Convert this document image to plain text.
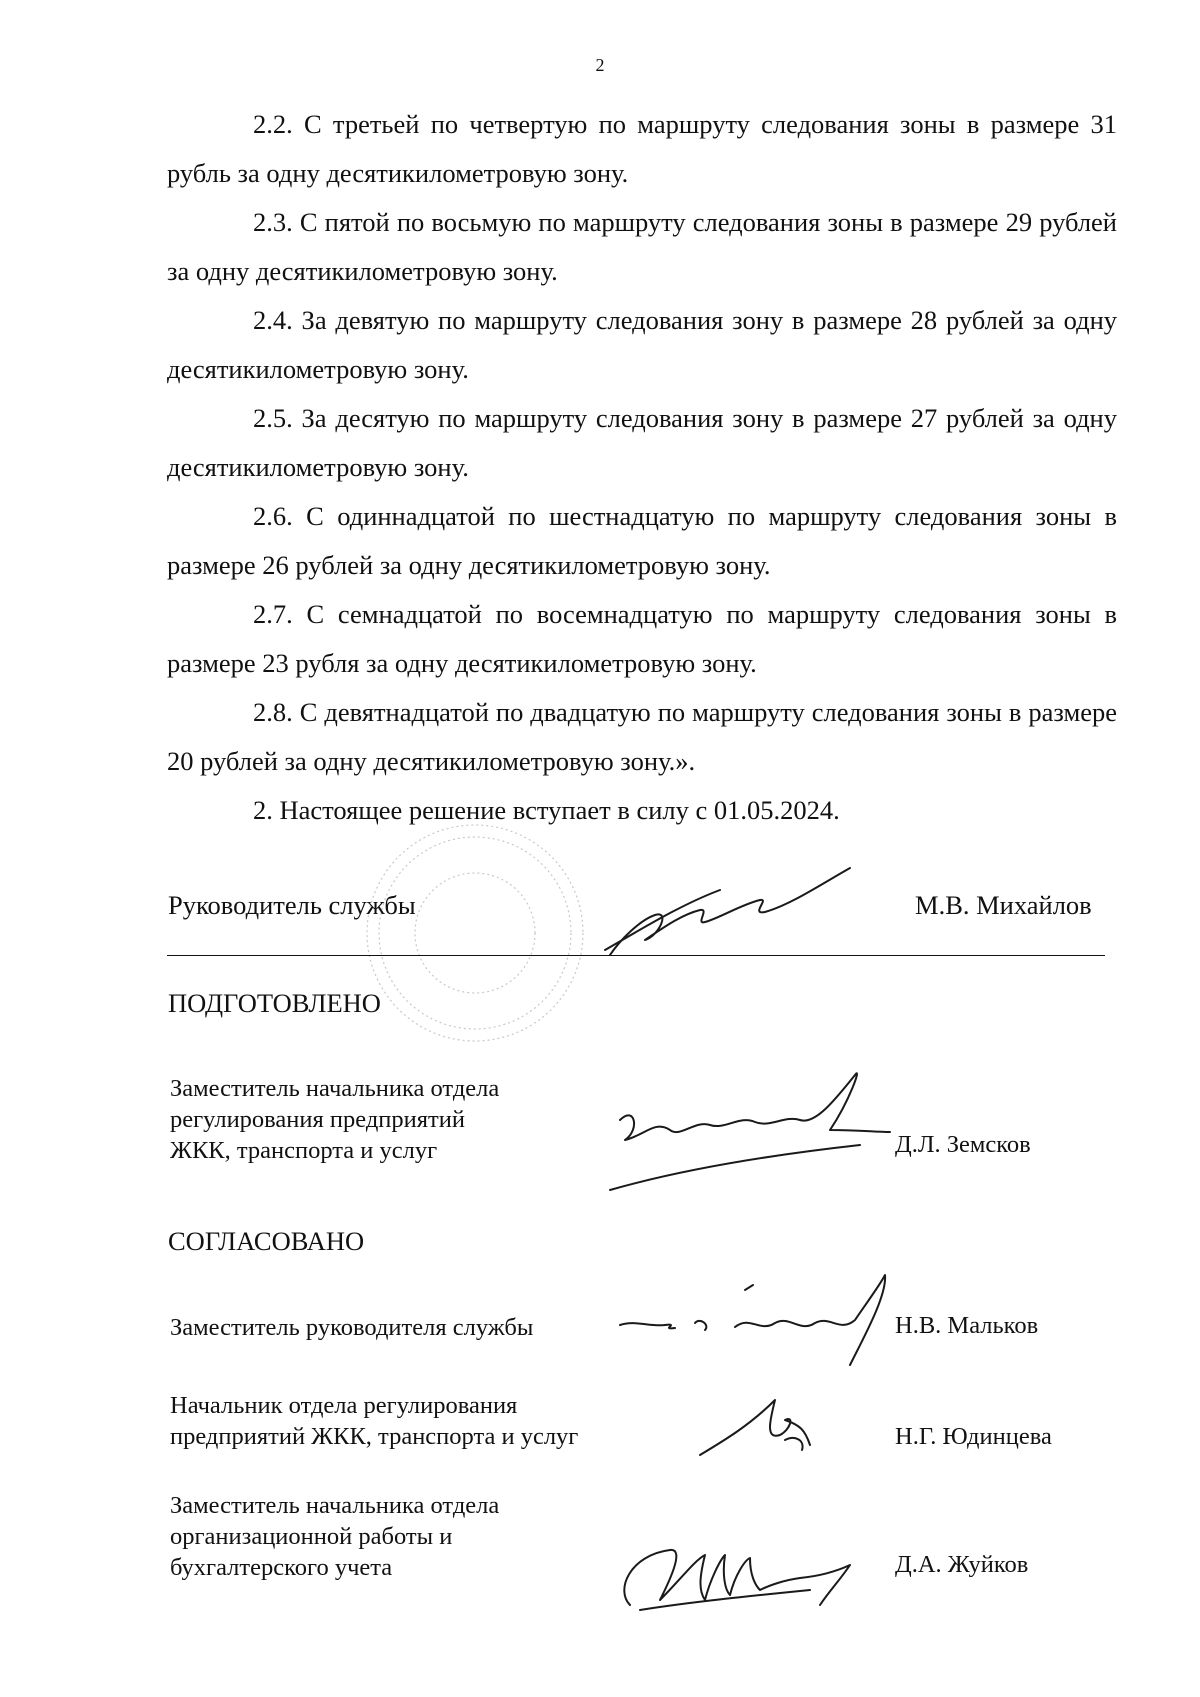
2

2.2. С третьей по четвертую по маршруту следования зоны в размере 31 рубль за одну десятикилометровую зону.

2.3. С пятой по восьмую по маршруту следования зоны в размере 29 рублей за одну десятикилометровую зону.

2.4. За девятую по маршруту следования зону в размере 28 рублей за одну десятикилометровую зону.

2.5. За десятую по маршруту следования зону в размере 27 рублей за одну десятикилометровую зону.

2.6. С одиннадцатой по шестнадцатую по маршруту следования зоны в размере 26 рублей за одну десятикилометровую зону.

2.7. С семнадцатой по восемнадцатую по маршруту следования зоны в размере 23 рубля за одну десятикилометровую зону.

2.8. С девятнадцатой по двадцатую по маршруту следования зоны в размере 20 рублей за одну десятикилометровую зону.».

2. Настоящее решение вступает в силу с 01.05.2024.

Руководитель службы	М.В. Михайлов
ПОДГОТОВЛЕНО
Заместитель начальника отдела
регулирования предприятий
ЖКК, транспорта и услуг	Д.Л. Земсков
СОГЛАСОВАНО
Заместитель руководителя службы	Н.В. Мальков
Начальник отдела регулирования
предприятий ЖКК, транспорта и услуг	Н.Г. Юдинцева
Заместитель начальника отдела
организационной работы и
бухгалтерского учета	Д.А. Жуйков
